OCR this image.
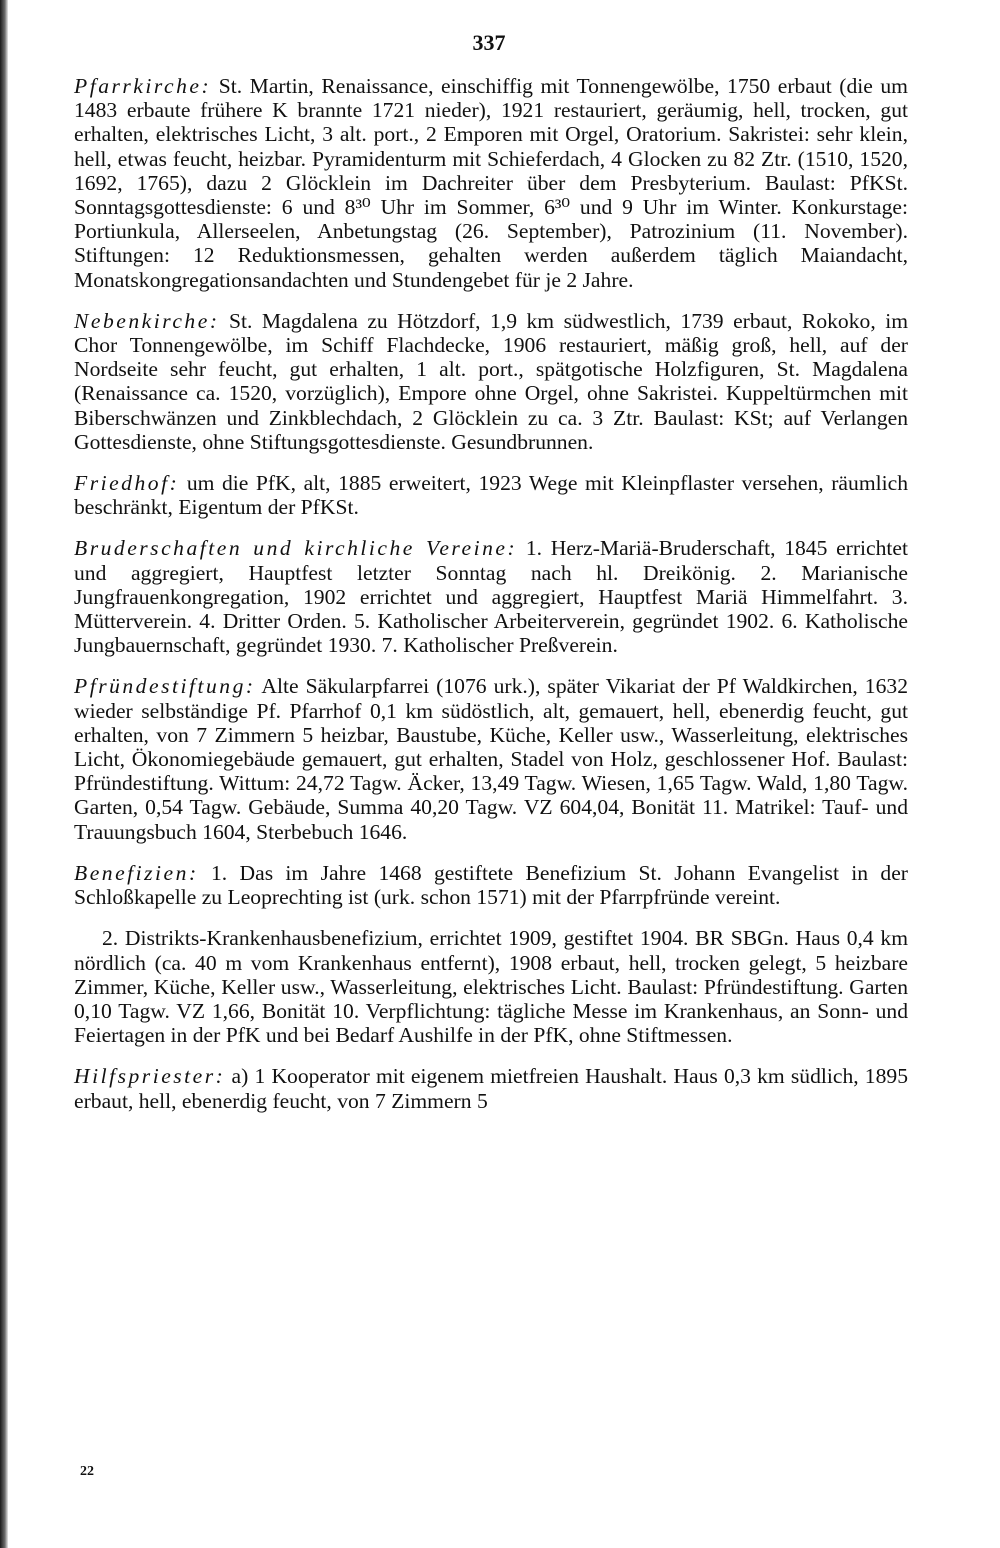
337

Pfarrkirche: St. Martin, Renaissance, einschiffig mit Tonnengewölbe, 1750 erbaut (die um 1483 erbaute frühere K brannte 1721 nieder), 1921 restauriert, geräumig, hell, trocken, gut erhalten, elektrisches Licht, 3 alt. port., 2 Emporen mit Orgel, Oratorium. Sakristei: sehr klein, hell, etwas feucht, heizbar. Pyramidenturm mit Schieferdach, 4 Glocken zu 82 Ztr. (1510, 1520, 1692, 1765), dazu 2 Glöcklein im Dachreiter über dem Presbyterium. Baulast: PfKSt. Sonntagsgottesdienste: 6 und 8³⁰ Uhr im Sommer, 6³⁰ und 9 Uhr im Winter. Konkurstage: Portiunkula, Allerseelen, Anbetungstag (26. September), Patrozinium (11. November). Stiftungen: 12 Reduktionsmessen, gehalten werden außerdem täglich Maiandacht, Monatskongregationsandachten und Stundengebet für je 2 Jahre.

Nebenkirche: St. Magdalena zu Hötzdorf, 1,9 km südwestlich, 1739 erbaut, Rokoko, im Chor Tonnengewölbe, im Schiff Flachdecke, 1906 restauriert, mäßig groß, hell, auf der Nordseite sehr feucht, gut erhalten, 1 alt. port., spätgotische Holzfiguren, St. Magdalena (Renaissance ca. 1520, vorzüglich), Empore ohne Orgel, ohne Sakristei. Kuppeltürmchen mit Biberschwänzen und Zinkblechdach, 2 Glöcklein zu ca. 3 Ztr. Baulast: KSt; auf Verlangen Gottesdienste, ohne Stiftungsgottesdienste. Gesundbrunnen.

Friedhof: um die PfK, alt, 1885 erweitert, 1923 Wege mit Kleinpflaster versehen, räumlich beschränkt, Eigentum der PfKSt.

Bruderschaften und kirchliche Vereine: 1. Herz-Mariä-Bruderschaft, 1845 errichtet und aggregiert, Hauptfest letzter Sonntag nach hl. Dreikönig. 2. Marianische Jungfrauenkongregation, 1902 errichtet und aggregiert, Hauptfest Mariä Himmelfahrt. 3. Mütterverein. 4. Dritter Orden. 5. Katholischer Arbeiterverein, gegründet 1902. 6. Katholische Jungbauernschaft, gegründet 1930. 7. Katholischer Preßverein.

Pfründestiftung: Alte Säkularpfarrei (1076 urk.), später Vikariat der Pf Waldkirchen, 1632 wieder selbständige Pf. Pfarrhof 0,1 km südöstlich, alt, gemauert, hell, ebenerdig feucht, gut erhalten, von 7 Zimmern 5 heizbar, Baustube, Küche, Keller usw., Wasserleitung, elektrisches Licht, Ökonomiegebäude gemauert, gut erhalten, Stadel von Holz, geschlossener Hof. Baulast: Pfründestiftung. Wittum: 24,72 Tagw. Äcker, 13,49 Tagw. Wiesen, 1,65 Tagw. Wald, 1,80 Tagw. Garten, 0,54 Tagw. Gebäude, Summa 40,20 Tagw. VZ 604,04, Bonität 11. Matrikel: Tauf- und Trauungsbuch 1604, Sterbebuch 1646.

Benefizien: 1. Das im Jahre 1468 gestiftete Benefizium St. Johann Evangelist in der Schloßkapelle zu Leoprechting ist (urk. schon 1571) mit der Pfarrpfründe vereint.

2. Distrikts-Krankenhausbenefizium, errichtet 1909, gestiftet 1904. BR SBGn. Haus 0,4 km nördlich (ca. 40 m vom Krankenhaus entfernt), 1908 erbaut, hell, trocken gelegt, 5 heizbare Zimmer, Küche, Keller usw., Wasserleitung, elektrisches Licht. Baulast: Pfründestiftung. Garten 0,10 Tagw. VZ 1,66, Bonität 10. Verpflichtung: tägliche Messe im Krankenhaus, an Sonn- und Feiertagen in der PfK und bei Bedarf Aushilfe in der PfK, ohne Stiftmessen.

Hilfspriester: a) 1 Kooperator mit eigenem mietfreien Haushalt. Haus 0,3 km südlich, 1895 erbaut, hell, ebenerdig feucht, von 7 Zimmern 5

22
